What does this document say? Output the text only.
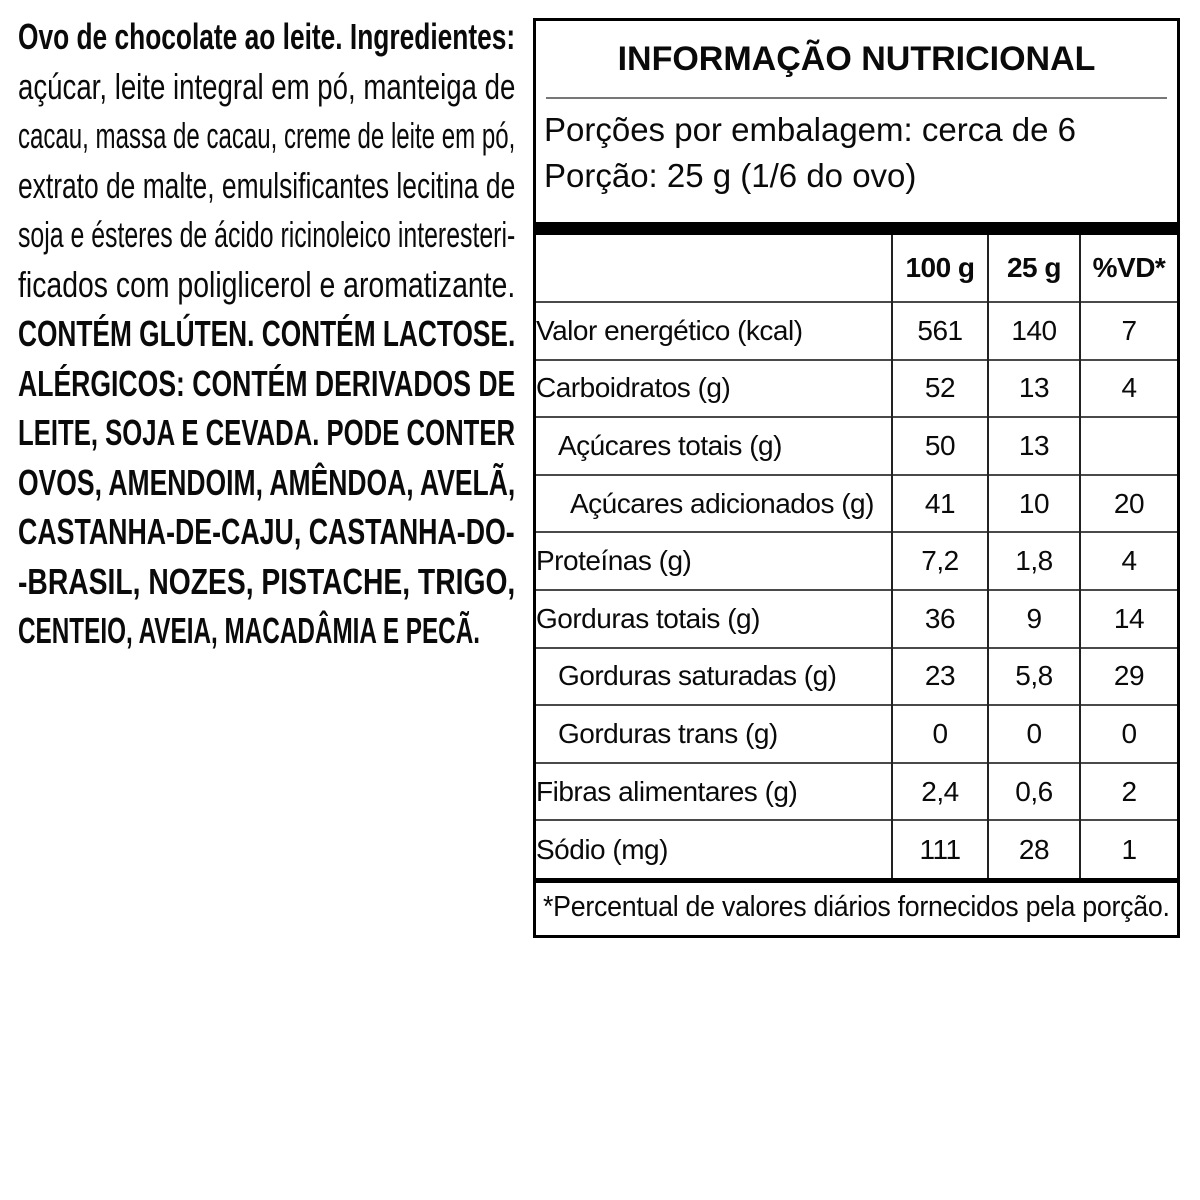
Ovo de chocolate ao leite. Ingredientes:
açúcar, leite integral em pó, manteiga de
cacau, massa de cacau, creme de leite em pó,
extrato de malte, emulsificantes lecitina de
soja e ésteres de ácido ricinoleico interesteri-
ficados com poliglicerol e aromatizante.
CONTÉM GLÚTEN. CONTÉM LACTOSE.
ALÉRGICOS: CONTÉM DERIVADOS DE
LEITE, SOJA E CEVADA. PODE CONTER
OVOS, AMENDOIM, AMÊNDOA, AVELÃ,
CASTANHA-DE-CAJU, CASTANHA-DO-
-BRASIL, NOZES, PISTACHE, TRIGO,
CENTEIO, AVEIA, MACADÂMIA E PECÃ.
INFORMAÇÃO NUTRICIONAL
Porções por embalagem: cerca de 6
Porção: 25 g (1/6 do ovo)
	100 g	25 g	%VD*
Valor energético (kcal)	561	140	7
Carboidratos (g)	52	13	4
Açúcares totais (g)	50	13	
Açúcares adicionados (g)	41	10	20
Proteínas (g)	7,2	1,8	4
Gorduras totais (g)	36	9	14
Gorduras saturadas (g)	23	5,8	29
Gorduras trans (g)	0	0	0
Fibras alimentares (g)	2,4	0,6	2
Sódio (mg)	111	28	1
*Percentual de valores diários fornecidos pela porção.
